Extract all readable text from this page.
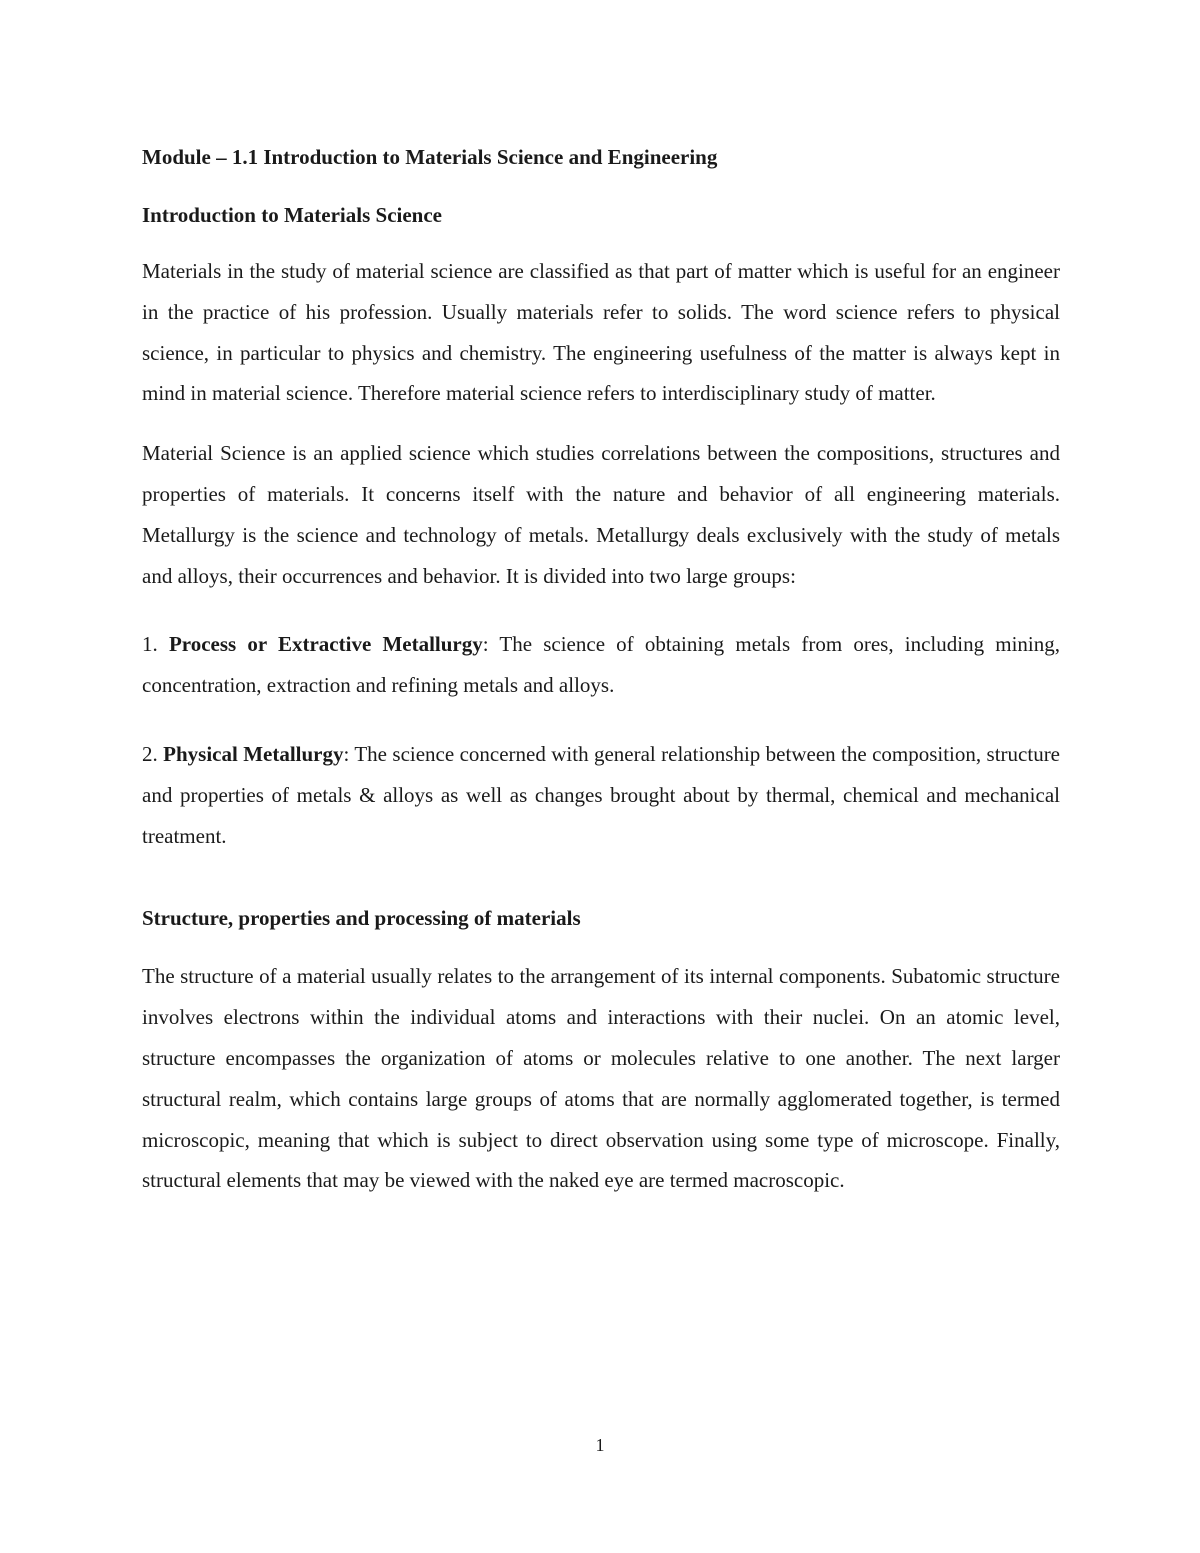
Module – 1.1 Introduction to Materials Science and Engineering

Introduction to Materials Science

Materials in the study of material science are classified as that part of matter which is useful for an engineer in the practice of his profession. Usually materials refer to solids. The word science refers to physical science, in particular to physics and chemistry. The engineering usefulness of the matter is always kept in mind in material science. Therefore material science refers to interdisciplinary study of matter.

Material Science is an applied science which studies correlations between the compositions, structures and properties of materials. It concerns itself with the nature and behavior of all engineering materials. Metallurgy is the science and technology of metals. Metallurgy deals exclusively with the study of metals and alloys, their occurrences and behavior. It is divided into two large groups:

1. Process or Extractive Metallurgy: The science of obtaining metals from ores, including mining, concentration, extraction and refining metals and alloys.

2. Physical Metallurgy: The science concerned with general relationship between the composition, structure and properties of metals & alloys as well as changes brought about by thermal, chemical and mechanical treatment.

Structure, properties and processing of materials

The structure of a material usually relates to the arrangement of its internal components. Subatomic structure involves electrons within the individual atoms and interactions with their nuclei. On an atomic level, structure encompasses the organization of atoms or molecules relative to one another. The next larger structural realm, which contains large groups of atoms that are normally agglomerated together, is termed microscopic, meaning that which is subject to direct observation using some type of microscope. Finally, structural elements that may be viewed with the naked eye are termed macroscopic.

1
